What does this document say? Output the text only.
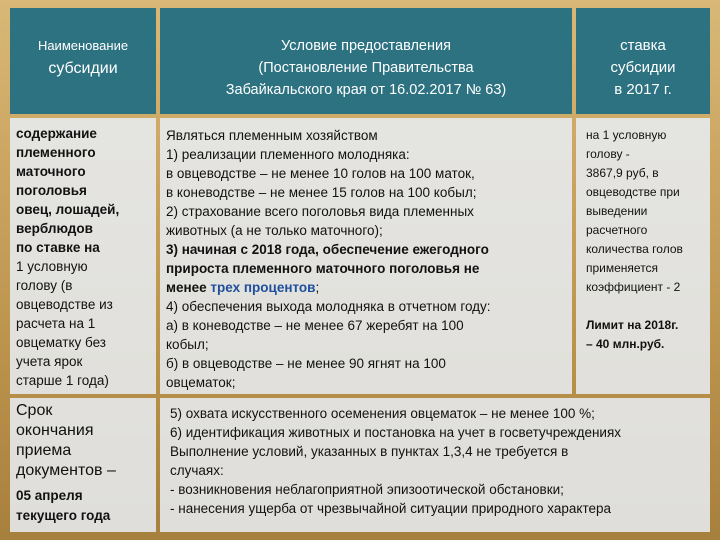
Наименование
субсидии
Условие предоставления
(Постановление Правительства
Забайкальского края от 16.02.2017 № 63)
ставка
субсидии
в 2017 г.
содержание
племенного
маточного
поголовья
овец, лошадей,
верблюдов
по ставке на
1 условную
голову (в
овцеводстве из
расчета на 1
овцематку без
учета ярок
старше 1 года)
Являться племенным хозяйством
1) реализации племенного молодняка:
в овцеводстве – не менее 10 голов на 100 маток,
в коневодстве – не менее 15 голов на 100 кобыл;
2) страхование всего поголовья вида племенных
животных (а не только маточного);
3) начиная с 2018 года, обеспечение ежегодного
прироста племенного маточного поголовья не
менее трех процентов;
4) обеспечения выхода молодняка в отчетном году:
а) в коневодстве – не менее 67 жеребят на 100
кобыл;
б) в овцеводстве – не менее 90 ягнят на 100
овцематок;
на 1 условную
голову -
3867,9 руб, в
овцеводстве при
выведении
расчетного
количества голов
применяется
коэффициент - 2
Лимит на 2018г.
– 40 млн.руб.
Срок
окончания
приема
документов –
05 апреля
текущего года
5) охвата искусственного осеменения овцематок – не менее 100 %;
6) идентификация животных и постановка на учет в госветучреждениях
Выполнение условий, указанных в пунктах 1,3,4 не требуется в
случаях:
- возникновения неблагоприятной эпизоотической обстановки;
- нанесения ущерба от чрезвычайной ситуации природного характера
